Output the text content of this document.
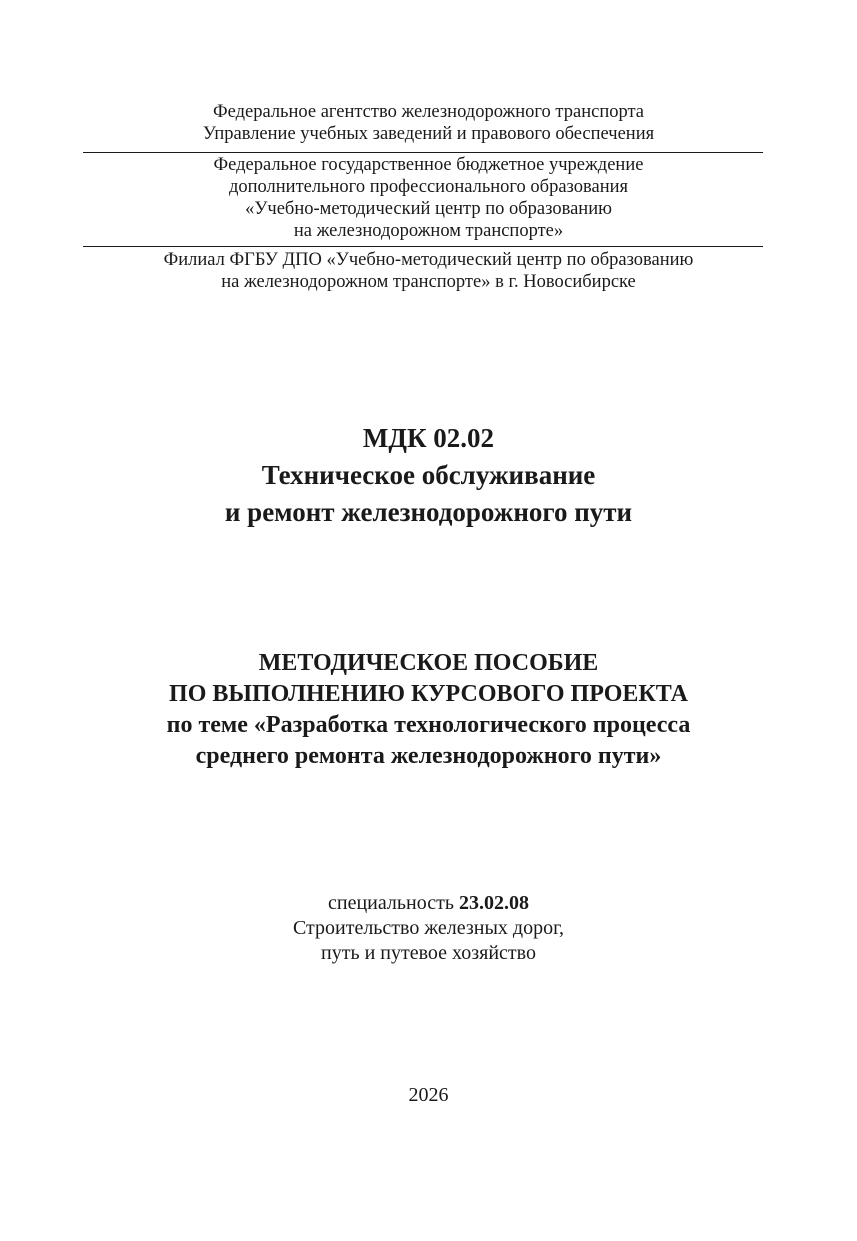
Федеральное агентство железнодорожного транспорта
Управление учебных заведений и правового обеспечения
Федеральное государственное бюджетное учреждение
дополнительного профессионального образования
«Учебно-методический центр по образованию
на железнодорожном транспорте»
Филиал ФГБУ ДПО «Учебно-методический центр по образованию
на железнодорожном транспорте» в г. Новосибирске
МДК 02.02
Техническое обслуживание
и ремонт железнодорожного пути
МЕТОДИЧЕСКОЕ ПОСОБИЕ
ПО ВЫПОЛНЕНИЮ КУРСОВОГО ПРОЕКТА
по теме «Разработка технологического процесса
среднего ремонта железнодорожного пути»
специальность 23.02.08
Строительство железных дорог,
путь и путевое хозяйство
2026
